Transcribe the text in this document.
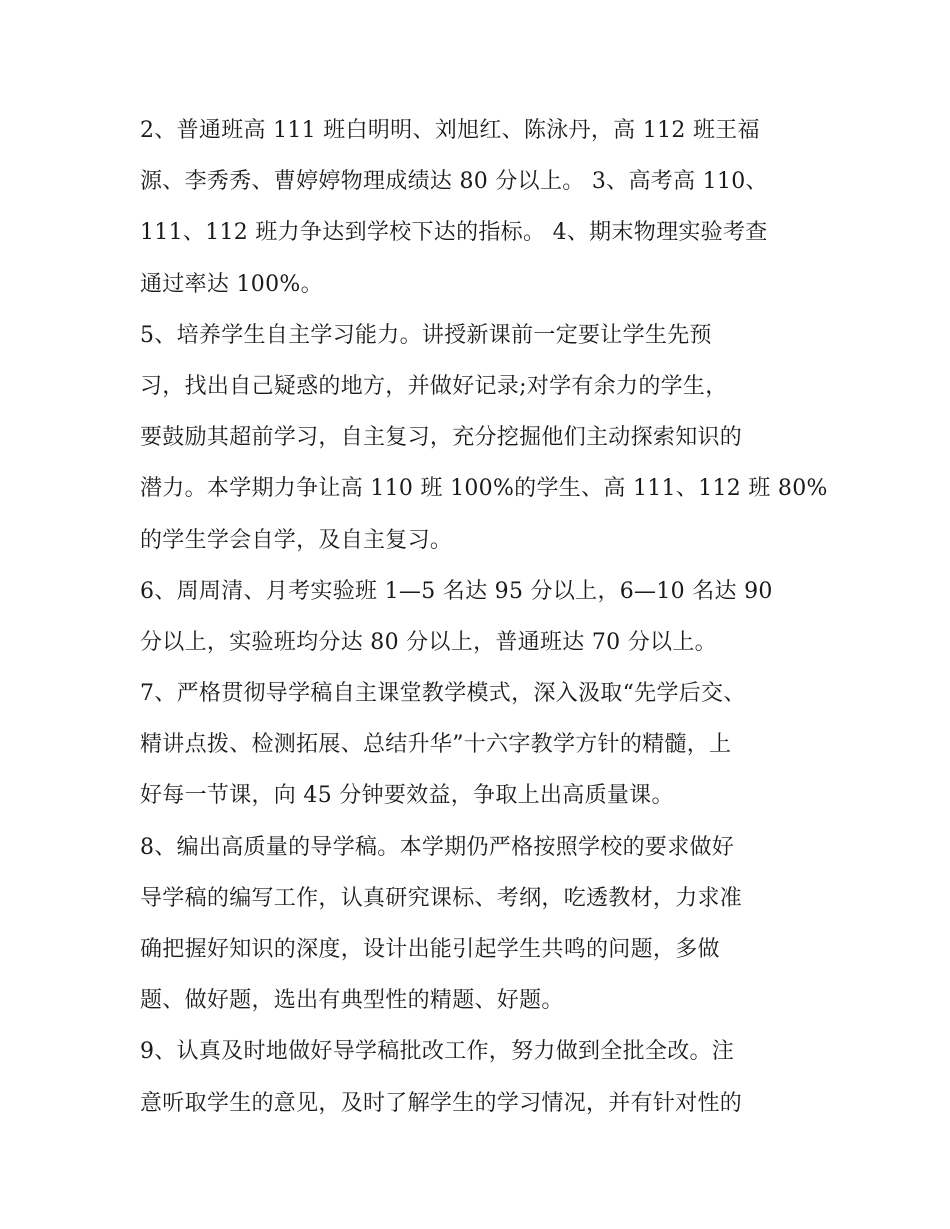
2、普通班高 111 班白明明、刘旭红、陈泳丹，高 112 班王福
源、李秀秀、曹婷婷物理成绩达 80 分以上。 3、高考高 110、
111、112 班力争达到学校下达的指标。 4、期末物理实验考查
通过率达 100%。
5、培养学生自主学习能力。讲授新课前一定要让学生先预
习，找出自己疑惑的地方，并做好记录;对学有余力的学生，
要鼓励其超前学习，自主复习，充分挖掘他们主动探索知识的
潜力。本学期力争让高 110 班 100%的学生、高 111、112 班 80%
的学生学会自学，及自主复习。
6、周周清、月考实验班 1—5 名达 95 分以上，6—10 名达 90
分以上，实验班均分达 80 分以上，普通班达 70 分以上。
7、严格贯彻导学稿自主课堂教学模式，深入汲取“先学后交、
精讲点拨、检测拓展、总结升华”十六字教学方针的精髓，上
好每一节课，向 45 分钟要效益，争取上出高质量课。
8、编出高质量的导学稿。本学期仍严格按照学校的要求做好
导学稿的编写工作，认真研究课标、考纲，吃透教材，力求准
确把握好知识的深度，设计出能引起学生共鸣的问题，多做
题、做好题，选出有典型性的精题、好题。
9、认真及时地做好导学稿批改工作，努力做到全批全改。注
意听取学生的意见，及时了解学生的学习情况，并有针对性的
